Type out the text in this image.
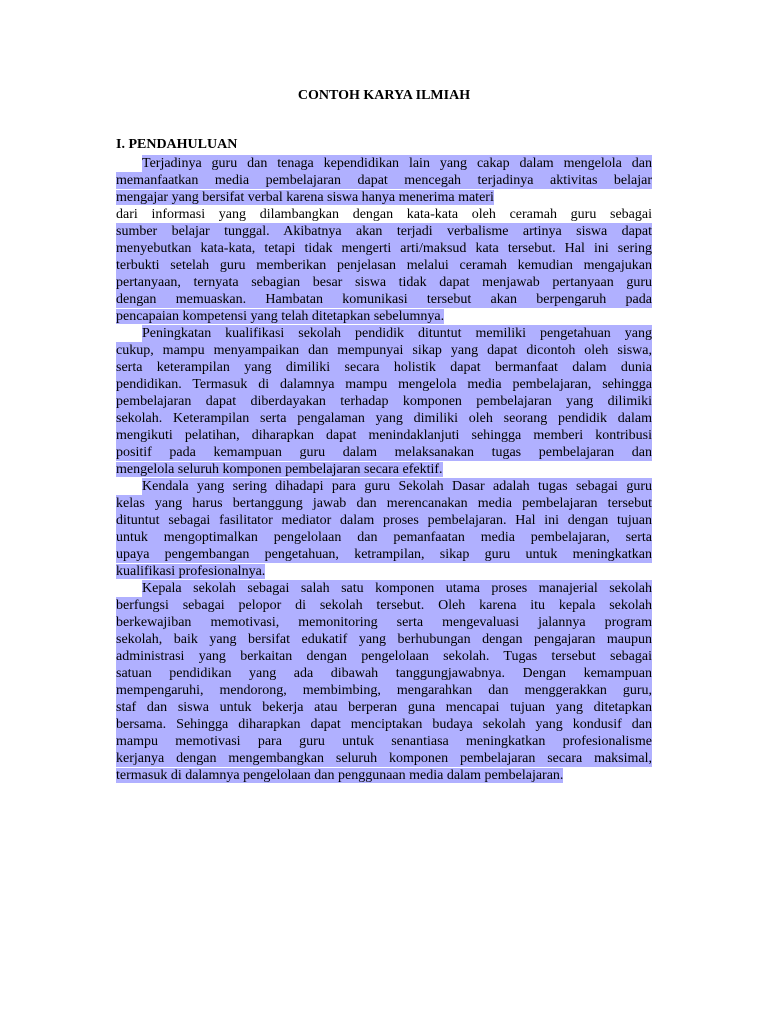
CONTOH KARYA ILMIAH
I. PENDAHULUAN
Terjadinya guru dan tenaga kependidikan lain yang cakap dalam mengelola dan
memanfaatkan media pembelajaran dapat mencegah terjadinya aktivitas belajar
mengajar yang bersifat verbal karena siswa hanya menerima materi
dari informasi yang dilambangkan dengan kata-kata oleh ceramah guru sebagai
sumber belajar tunggal. Akibatnya akan terjadi verbalisme artinya siswa dapat
menyebutkan kata-kata, tetapi tidak mengerti arti/maksud kata tersebut. Hal ini sering
terbukti setelah guru memberikan penjelasan melalui ceramah kemudian mengajukan
pertanyaan, ternyata sebagian besar siswa tidak dapat menjawab pertanyaan guru
dengan memuaskan. Hambatan komunikasi tersebut akan berpengaruh pada
pencapaian kompetensi yang telah ditetapkan sebelumnya.
Peningkatan kualifikasi sekolah pendidik dituntut memiliki pengetahuan yang
cukup, mampu menyampaikan dan mempunyai sikap yang dapat dicontoh oleh siswa,
serta keterampilan yang dimiliki secara holistik dapat bermanfaat dalam dunia
pendidikan. Termasuk di dalamnya mampu mengelola media pembelajaran, sehingga
pembelajaran dapat diberdayakan terhadap komponen pembelajaran yang dilimiki
sekolah. Keterampilan serta pengalaman yang dimiliki oleh seorang pendidik dalam
mengikuti pelatihan, diharapkan dapat menindaklanjuti sehingga memberi kontribusi
positif pada kemampuan guru dalam melaksanakan tugas pembelajaran dan
mengelola seluruh komponen pembelajaran secara efektif.
Kendala yang sering dihadapi para guru Sekolah Dasar adalah tugas sebagai guru
kelas yang harus bertanggung jawab dan merencanakan media pembelajaran tersebut
dituntut sebagai fasilitator mediator dalam proses pembelajaran. Hal ini dengan tujuan
untuk mengoptimalkan pengelolaan dan pemanfaatan media pembelajaran, serta
upaya pengembangan pengetahuan, ketrampilan, sikap guru untuk meningkatkan
kualifikasi profesionalnya.
Kepala sekolah sebagai salah satu komponen utama proses manajerial sekolah
berfungsi sebagai pelopor di sekolah tersebut. Oleh karena itu kepala sekolah
berkewajiban memotivasi, memonitoring serta mengevaluasi jalannya program
sekolah, baik yang bersifat edukatif yang berhubungan dengan pengajaran maupun
administrasi yang berkaitan dengan pengelolaan sekolah. Tugas tersebut sebagai
satuan pendidikan yang ada dibawah tanggungjawabnya. Dengan kemampuan
mempengaruhi, mendorong, membimbing, mengarahkan dan menggerakkan guru,
staf dan siswa untuk bekerja atau berperan guna mencapai tujuan yang ditetapkan
bersama. Sehingga diharapkan dapat menciptakan budaya sekolah yang kondusif dan
mampu memotivasi para guru untuk senantiasa meningkatkan profesionalisme
kerjanya dengan mengembangkan seluruh komponen pembelajaran secara maksimal,
termasuk di dalamnya pengelolaan dan penggunaan media dalam pembelajaran.
